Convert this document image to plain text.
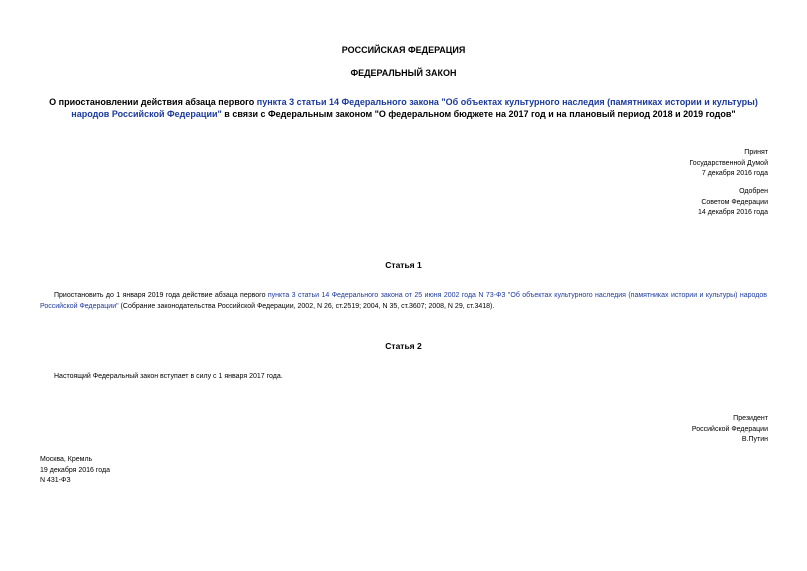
РОССИЙСКАЯ ФЕДЕРАЦИЯ
ФЕДЕРАЛЬНЫЙ ЗАКОН
О приостановлении действия абзаца первого пункта 3 статьи 14 Федерального закона "Об объектах культурного наследия (памятниках истории и культуры) народов Российской Федерации" в связи с Федеральным законом "О федеральном бюджете на 2017 год и на плановый период 2018 и 2019 годов"
Принят
Государственной Думой
7 декабря 2016 года
Одобрен
Советом Федерации
14 декабря 2016 года
Статья 1
Приостановить до 1 января 2019 года действие абзаца первого пункта 3 статьи 14 Федерального закона от 25 июня 2002 года N 73-ФЗ "Об объектах культурного наследия (памятниках истории и культуры) народов Российской Федерации" (Собрание законодательства Российской Федерации, 2002, N 26, ст.2519; 2004, N 35, ст.3607; 2008, N 29, ст.3418).
Статья 2
Настоящий Федеральный закон вступает в силу с 1 января 2017 года.
Президент
Российской Федерации
В.Путин
Москва, Кремль
19 декабря 2016 года
N 431-ФЗ
